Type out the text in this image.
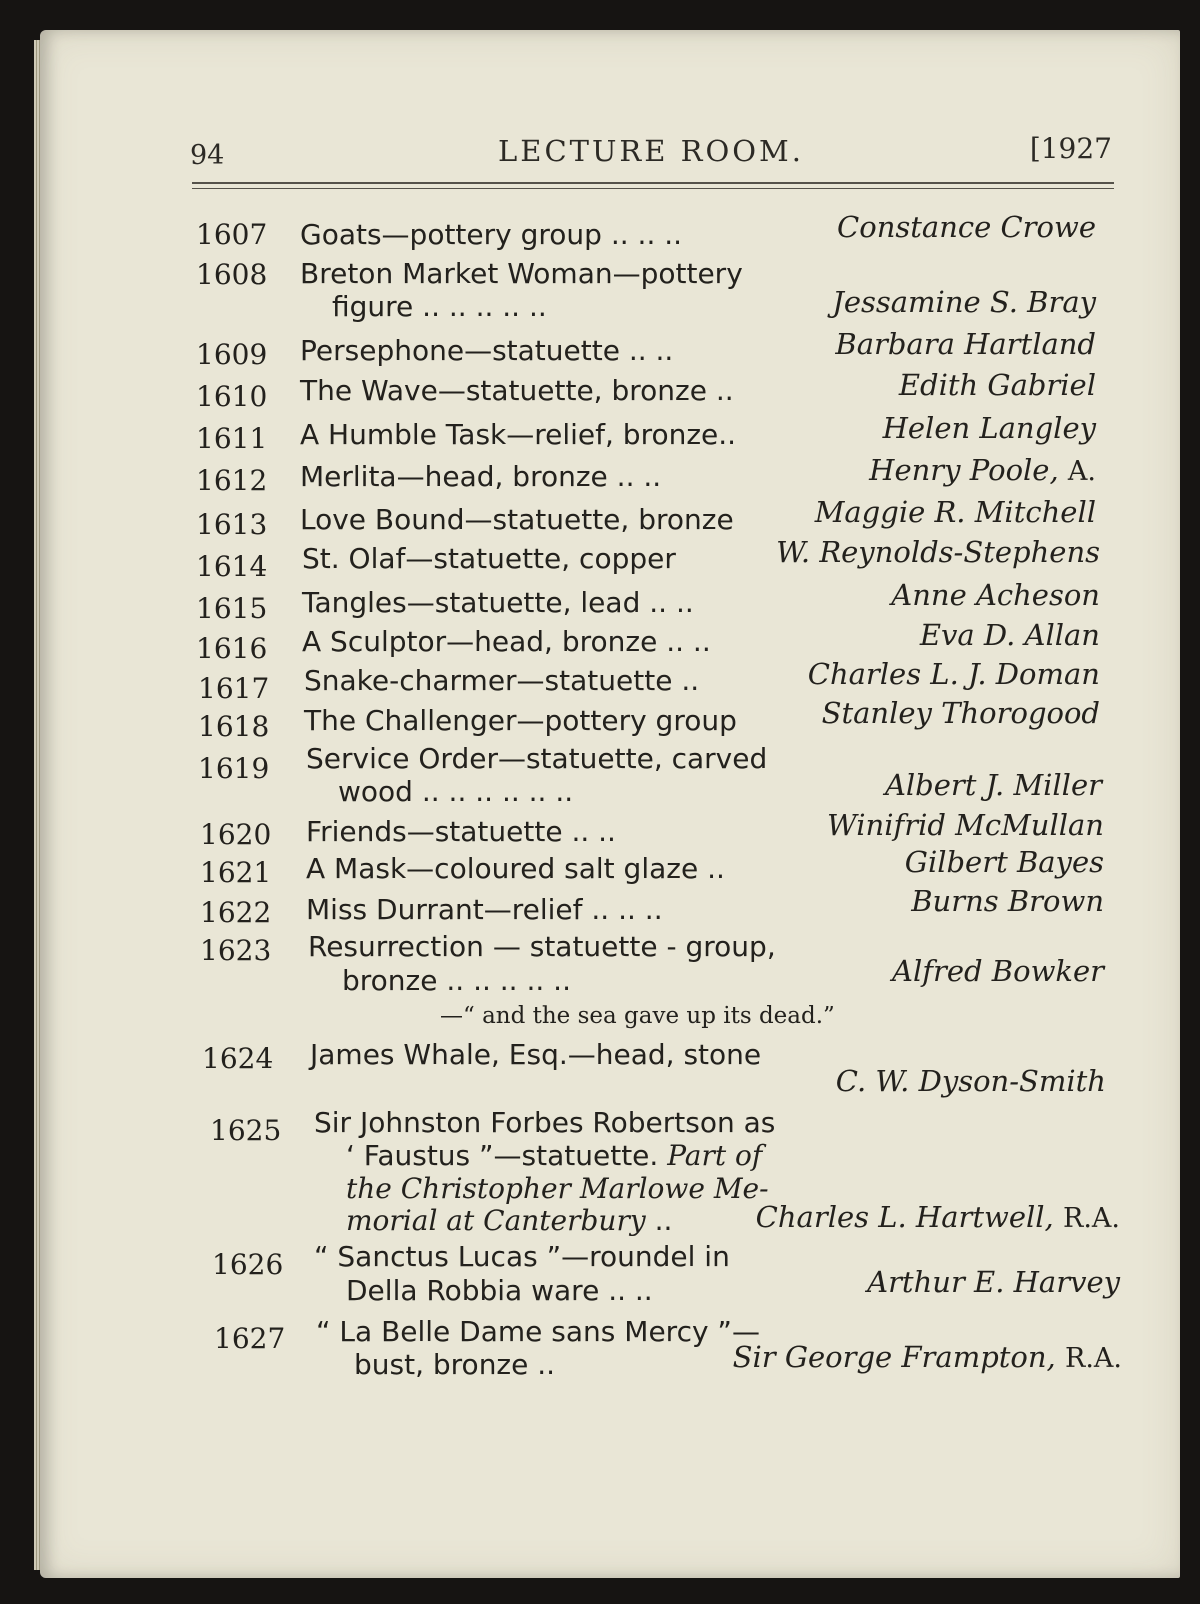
94	LECTURE ROOM.	[1927
1607 Goats—pottery group .. .. ..	Constance Crowe
1608 Breton Market Woman—pottery
figure .. .. .. .. ..	Jessamine S. Bray
1609 Persephone—statuette .. ..	Barbara Hartland
1610 The Wave—statuette, bronze ..	Edith Gabriel
1611 A Humble Task—relief, bronze..	Helen Langley
1612 Merlita—head, bronze .. ..	Henry Poole, A.
1613 Love Bound—statuette, bronze	Maggie R. Mitchell
1614 St. Olaf—statuette, copper	W. Reynolds-Stephens
1615 Tangles—statuette, lead .. ..	Anne Acheson
1616 A Sculptor—head, bronze .. ..	Eva D. Allan
1617 Snake-charmer—statuette ..	Charles L. J. Doman
1618 The Challenger—pottery group	Stanley Thorogood
1619 Service Order—statuette, carved
wood .. .. .. .. .. ..	Albert J. Miller
1620 Friends—statuette .. ..	Winifrid McMullan
1621 A Mask—coloured salt glaze ..	Gilbert Bayes
1622 Miss Durrant—relief .. .. ..	Burns Brown
1623 Resurrection — statuette - group,
bronze .. .. .. .. ..	Alfred Bowker
—“ and the sea gave up its dead.”
1624 James Whale, Esq.—head, stone
C. W. Dyson-Smith
1625 Sir Johnston Forbes Robertson as
‘ Faustus ”—statuette. Part of
the Christopher Marlowe Me-
morial at Canterbury ..	Charles L. Hartwell, R.A.
1626 “ Sanctus Lucas ”—roundel in
Della Robbia ware .. ..	Arthur E. Harvey
1627 “ La Belle Dame sans Mercy ”—
bust, bronze ..	Sir George Frampton, R.A.
